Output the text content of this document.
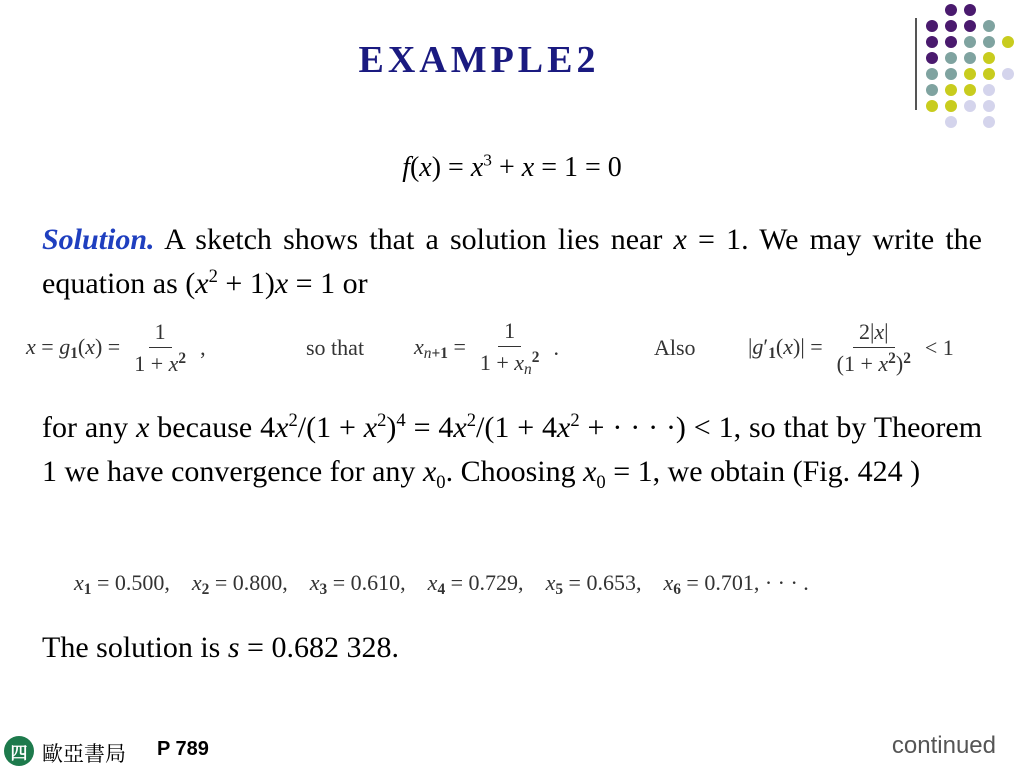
EXAMPLE2
$f(x) = x^3 + x = 1 = 0$
Solution. A sketch shows that a solution lies near x = 1. We may write the equation as $(x^2 + 1)x = 1$ or
$x = g1(x) = \frac{1}{1 + x^2}$ ,	so that $xn+1 = \frac{1}{1 + xn^2}$ .	Also $|g'1(x)| = \frac{2|x|}{(1 + x^2)^2} < 1$
for any x because $4x^2/(1 + x^2)^4 = 4x^2/(1 + 4x^2$ + · · · ·) < 1, so that by Theorem 1 we have convergence for any $x_0$. Choosing $x_0 = 1$, we obtain (Fig. 424 )
x1 = 0.500, x2 = 0.800, x3 = 0.610, x4 = 0.729, x5 = 0.653, x6 = 0.701, · · · .
The solution is s = 0.682 328.
四 歐亞書局 P 789	continued
